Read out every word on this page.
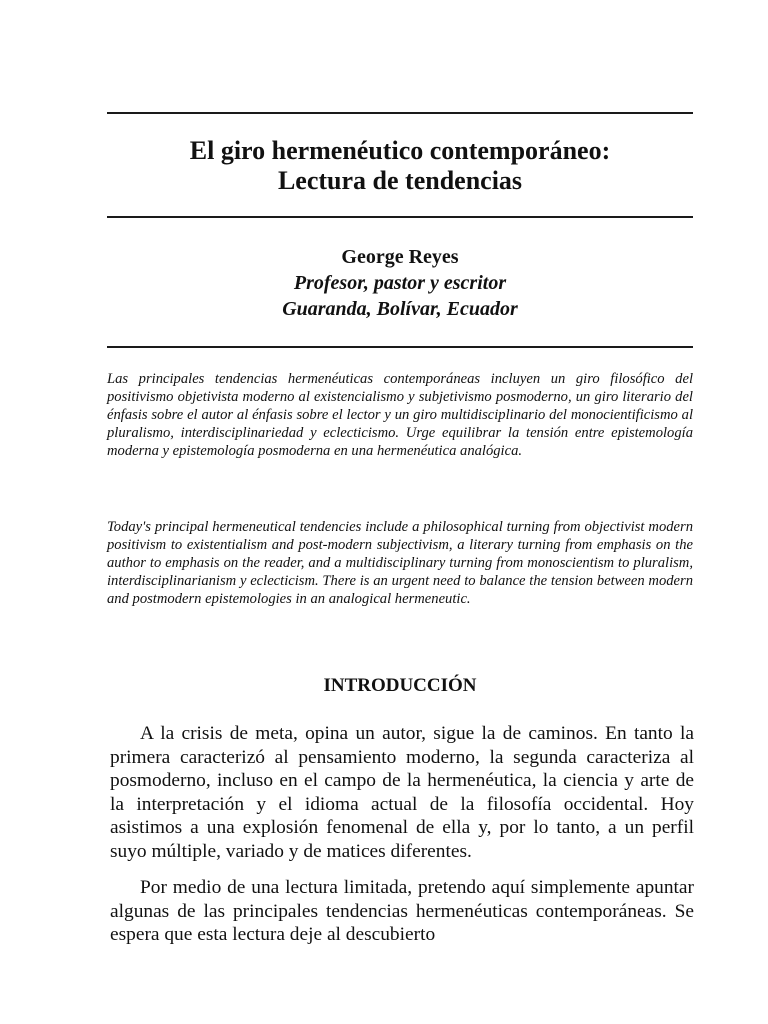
El giro hermenéutico contemporáneo:
Lectura de tendencias
George Reyes
Profesor, pastor y escritor
Guaranda, Bolívar, Ecuador

Las principales tendencias hermenéuticas contemporáneas incluyen un giro filosófico del positivismo objetivista moderno al existencialismo y subjetivismo posmoderno, un giro literario del énfasis sobre el autor al énfasis sobre el lector y un giro multidisciplinario del monocientificismo al pluralismo, interdisciplinariedad y eclecticismo. Urge equilibrar la tensión entre epistemología moderna y epistemología posmoderna en una hermenéutica analógica.

Today's principal hermeneutical tendencies include a philosophical turning from objectivist modern positivism to existentialism and post-modern subjectivism, a literary turning from emphasis on the author to emphasis on the reader, and a multidisciplinary turning from monoscientism to pluralism, interdisciplinarianism y eclecticism. There is an urgent need to balance the tension between modern and postmodern epistemologies in an analogical hermeneutic.

INTRODUCCIÓN

A la crisis de meta, opina un autor, sigue la de caminos. En tanto la primera caracterizó al pensamiento moderno, la segunda caracteriza al posmoderno, incluso en el campo de la hermenéutica, la ciencia y arte de la interpretación y el idioma actual de la filosofía occidental. Hoy asistimos a una explosión fenomenal de ella y, por lo tanto, a un perfil suyo múltiple, variado y de matices diferentes.

Por medio de una lectura limitada, pretendo aquí simplemente apuntar algunas de las principales tendencias hermenéuticas contemporáneas. Se espera que esta lectura deje al descubierto
